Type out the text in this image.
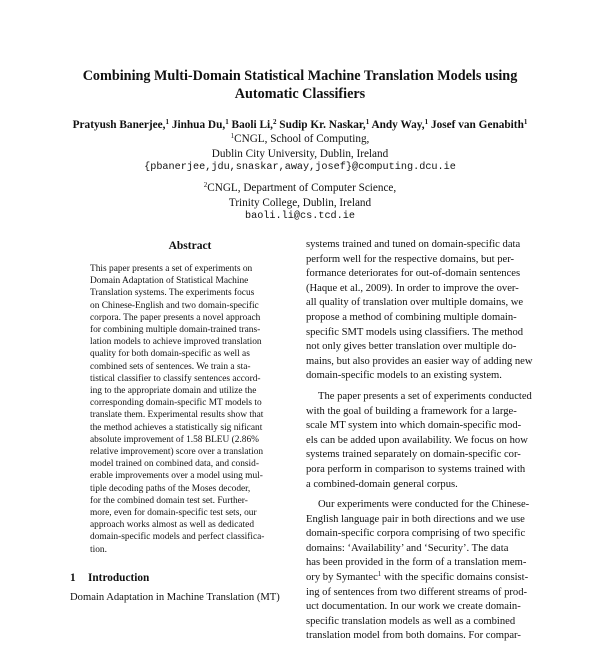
Combining Multi-Domain Statistical Machine Translation Models using
Automatic Classifiers
Pratyush Banerjee,$^1$ Jinhua Du,$^1$ Baoli Li,$^2$ Sudip Kr. Naskar,$^1$ Andy Way,$^1$ Josef van Genabith$^1$
$^1$CNGL, School of Computing,
Dublin City University, Dublin, Ireland
{pbanerjee,jdu,snaskar,away,josef}@computing.dcu.ie
$^2$CNGL, Department of Computer Science,
Trinity College, Dublin, Ireland
baoli.li@cs.tcd.ie
Abstract
This paper presents a set of experiments on
Domain Adaptation of Statistical Machine
Translation systems. The experiments focus
on Chinese-English and two domain-specific
corpora. The paper presents a novel approach
for combining multiple domain-trained trans-
lation models to achieve improved translation
quality for both domain-specific as well as
combined sets of sentences. We train a sta-
tistical classifier to classify sentences accord-
ing to the appropriate domain and utilize the
corresponding domain-specific MT models to
translate them. Experimental results show that
the method achieves a statistically sig nificant
absolute improvement of 1.58 BLEU (2.86%
relative improvement) score over a translation
model trained on combined data, and consid-
erable improvements over a model using mul-
tiple decoding paths of the Moses decoder,
for the combined domain test set. Further-
more, even for domain-specific test sets, our
approach works almost as well as dedicated
domain-specific models and perfect classifica-
tion.
1 Introduction
Domain Adaptation in Machine Translation (MT)

systems trained and tuned on domain-specific data
perform well for the respective domains, but per-
formance deteriorates for out-of-domain sentences
(Haque et al., 2009). In order to improve the over-
all quality of translation over multiple domains, we
propose a method of combining multiple domain-
specific SMT models using classifiers. The method
not only gives better translation over multiple do-
mains, but also provides an easier way of adding new
domain-specific models to an existing system.

The paper presents a set of experiments conducted
with the goal of building a framework for a large-
scale MT system into which domain-specific mod-
els can be added upon availability. We focus on how
systems trained separately on domain-specific cor-
pora perform in comparison to systems trained with
a combined-domain general corpus.

Our experiments were conducted for the Chinese-
English language pair in both directions and we use
domain-specific corpora comprising of two specific
domains: ‘Availability’ and ‘Security’. The data
has been provided in the form of a translation mem-
ory by Symantec$^1$ with the specific domains consist-
ing of sentences from two different streams of prod-
uct documentation. In our work we create domain-
specific translation models as well as a combined
translation model from both domains. For compar-
